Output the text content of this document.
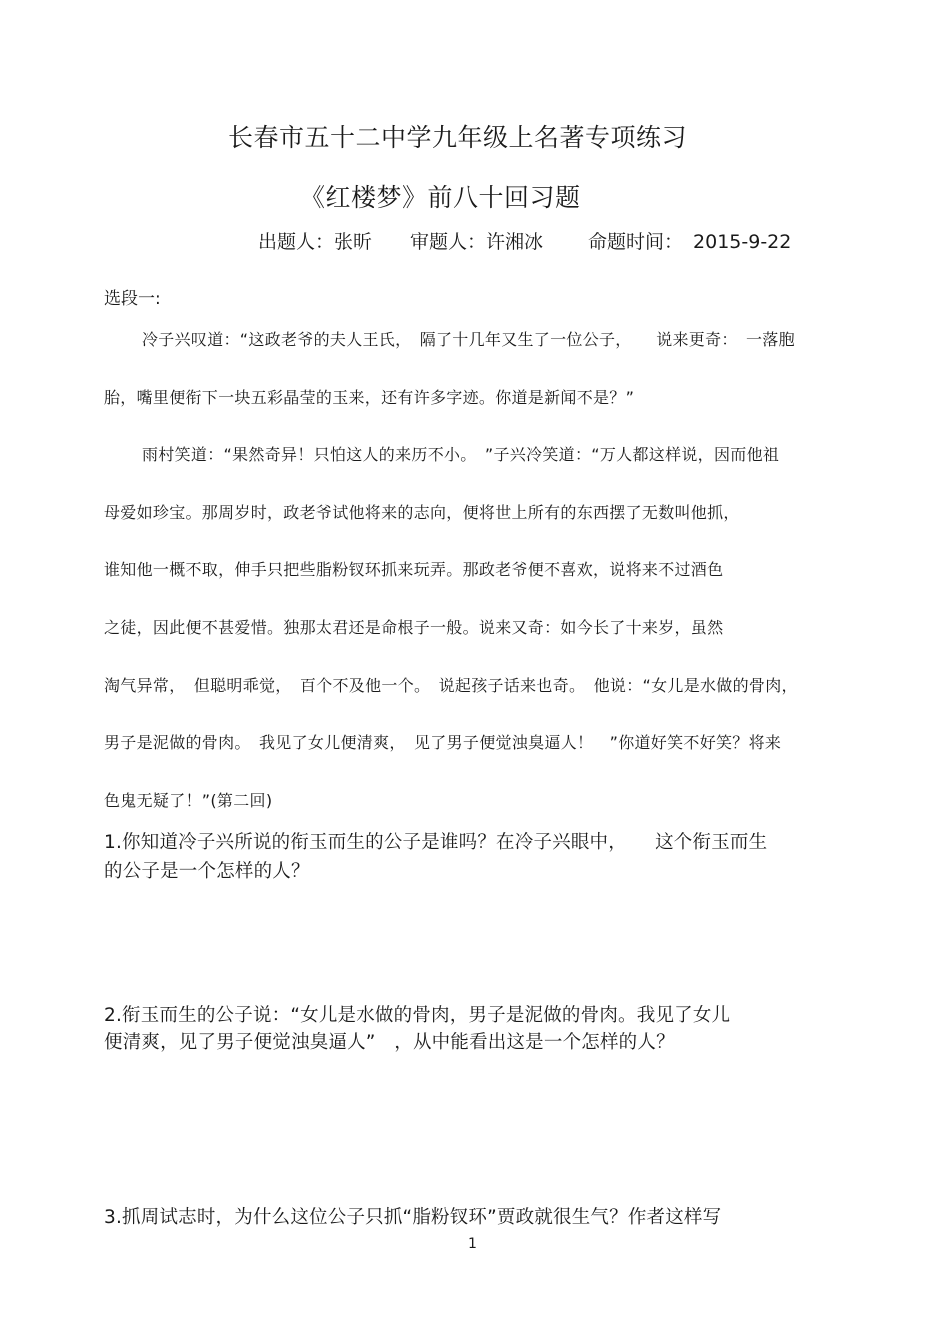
长春市五十二中学九年级上名著专项练习
《红楼梦》前八十回习题
出题人：张昕 审题人：许湘冰 命题时间： 2015-9-22
选段一:
冷子兴叹道：“这政老爷的夫人王氏，　隔了十几年又生了一位公子，　　说来更奇：　一落胞
胎，嘴里便衔下一块五彩晶莹的玉来，还有许多字迹。你道是新闻不是？”
雨村笑道：“果然奇异！只怕这人的来历不小。　”子兴冷笑道：“万人都这样说，因而他祖
母爱如珍宝。那周岁时，政老爷试他将来的志向，便将世上所有的东西摆了无数叫他抓，
谁知他一概不取，伸手只把些脂粉钗环抓来玩弄。那政老爷便不喜欢，说将来不过酒色
之徒，因此便不甚爱惜。独那太君还是命根子一般。说来又奇：如今长了十来岁，虽然
淘气异常，　但聪明乖觉，　百个不及他一个。　说起孩子话来也奇。　他说：“女儿是水做的骨肉，
男子是泥做的骨肉。　我见了女儿便清爽，　见了男子便觉浊臭逼人！　”你道好笑不好笑？将来
色鬼无疑了！”(第二回)
1.你知道冷子兴所说的衔玉而生的公子是谁吗？在冷子兴眼中，　　这个衔玉而生
的公子是一个怎样的人？
2.衔玉而生的公子说：“女儿是水做的骨肉，男子是泥做的骨肉。我见了女儿
便清爽，见了男子便觉浊臭逼人”　，从中能看出这是一个怎样的人？
3.抓周试志时，为什么这位公子只抓“脂粉钗环”贾政就很生气？作者这样写
1
